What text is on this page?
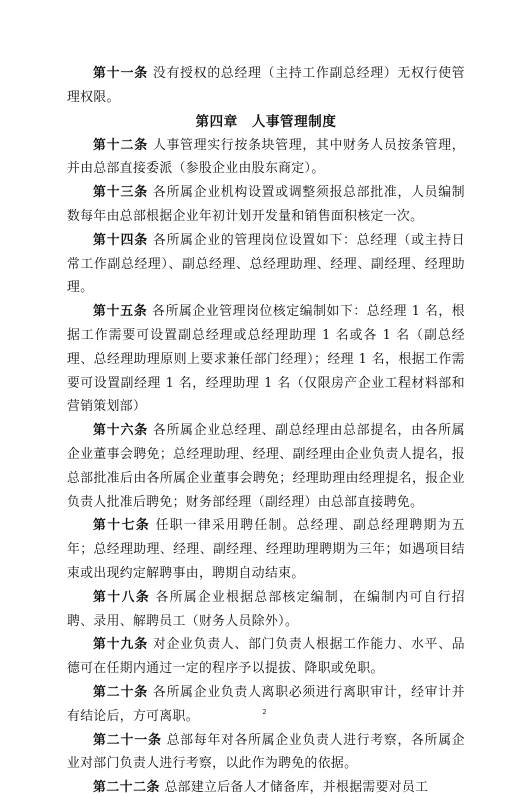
第十一条 没有授权的总经理（主持工作副总经理）无权行使管理权限。

第四章 人事管理制度

第十二条 人事管理实行按条块管理，其中财务人员按条管理，并由总部直接委派（参股企业由股东商定）。

第十三条 各所属企业机构设置或调整须报总部批准，人员编制数每年由总部根据企业年初计划开发量和销售面积核定一次。

第十四条 各所属企业的管理岗位设置如下：总经理（或主持日常工作副总经理）、副总经理、总经理助理、经理、副经理、经理助理。

第十五条 各所属企业管理岗位核定编制如下：总经理 1 名，根据工作需要可设置副总经理或总经理助理 1 名或各 1 名（副总经理、总经理助理原则上要求兼任部门经理）；经理 1 名，根据工作需要可设置副经理 1 名，经理助理 1 名（仅限房产企业工程材料部和营销策划部）

第十六条 各所属企业总经理、副总经理由总部提名，由各所属企业董事会聘免；总经理助理、经理、副经理由企业负责人提名，报总部批准后由各所属企业董事会聘免；经理助理由经理提名，报企业负责人批准后聘免；财务部经理（副经理）由总部直接聘免。

第十七条 任职一律采用聘任制。总经理、副总经理聘期为五年；总经理助理、经理、副经理、经理助理聘期为三年；如遇项目结束或出现约定解聘事由，聘期自动结束。

第十八条 各所属企业根据总部核定编制，在编制内可自行招聘、录用、解聘员工（财务人员除外）。

第十九条 对企业负责人、部门负责人根据工作能力、水平、品德可在任期内通过一定的程序予以提拔、降职或免职。

第二十条 各所属企业负责人离职必须进行离职审计，经审计并有结论后，方可离职。

第二十一条 总部每年对各所属企业负责人进行考察，各所属企业对部门负责人进行考察，以此作为聘免的依据。

第二十二条 总部建立后备人才储备库，并根据需要对员工

2
